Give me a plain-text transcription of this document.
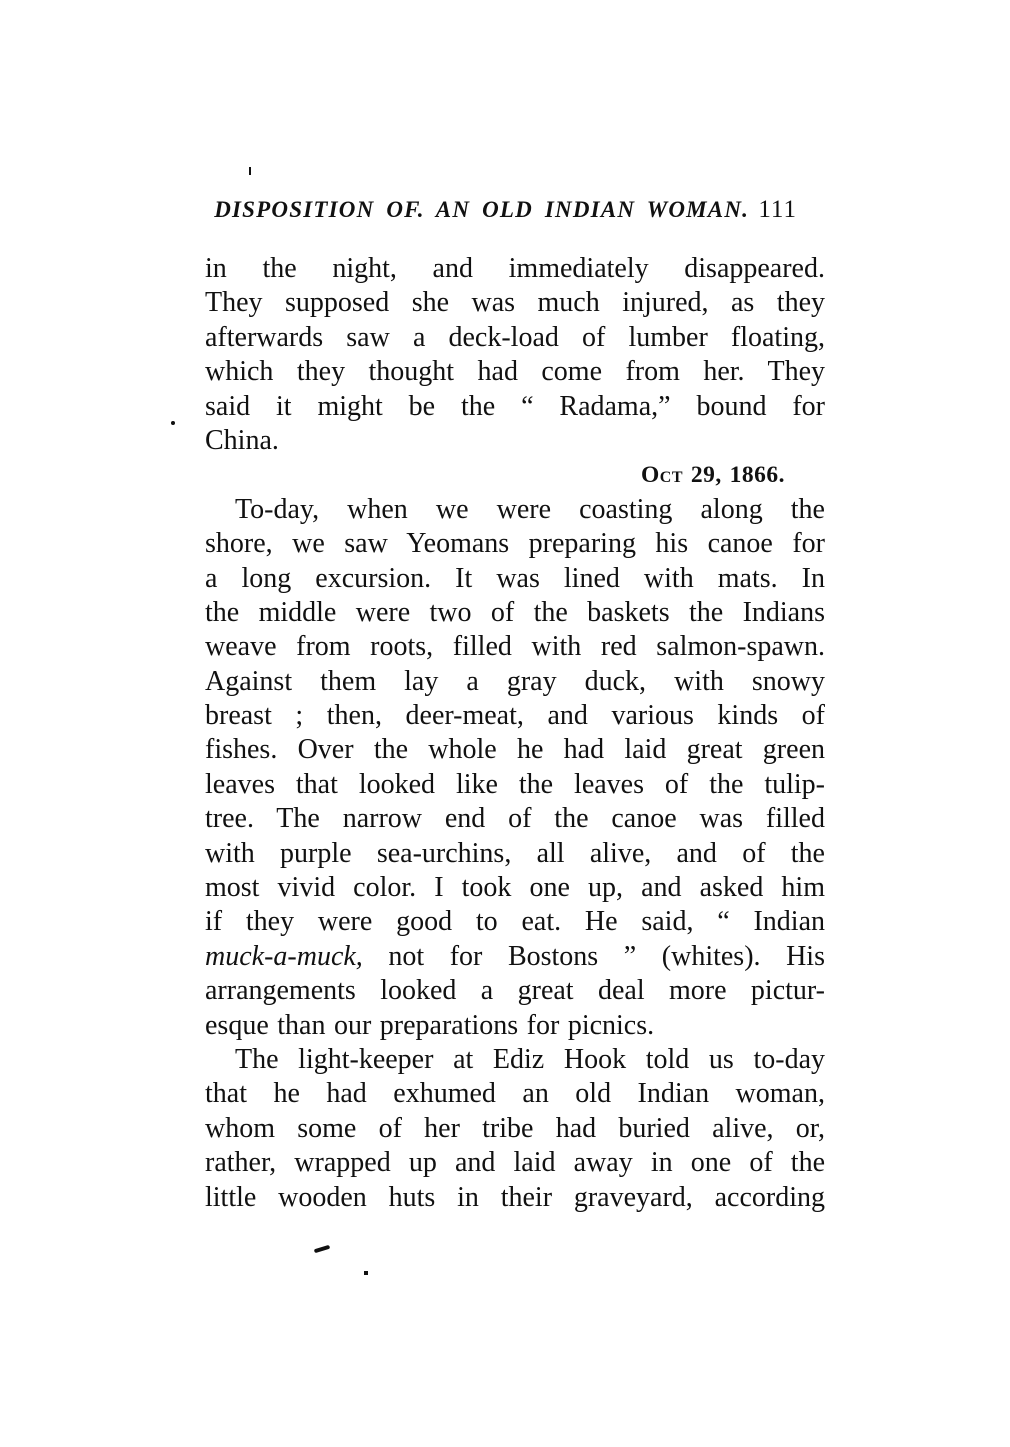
DISPOSITION OF. AN OLD INDIAN WOMAN. 111
in the night, and immediately disappeared.
They supposed she was much injured, as they
afterwards saw a deck-load of lumber floating,
which they thought had come from her. They
said it might be the “ Radama,” bound for
China.
Oct 29, 1866.
To-day, when we were coasting along the
shore, we saw Yeomans preparing his canoe for
a long excursion. It was lined with mats. In
the middle were two of the baskets the Indians
weave from roots, filled with red salmon-spawn.
Against them lay a gray duck, with snowy
breast ; then, deer-meat, and various kinds of
fishes. Over the whole he had laid great green
leaves that looked like the leaves of the tulip-
tree. The narrow end of the canoe was filled
with purple sea-urchins, all alive, and of the
most vivid color. I took one up, and asked him
if they were good to eat. He said, “ Indian
muck-a-muck, not for Bostons ” (whites). His
arrangements looked a great deal more pictur-
esque than our preparations for picnics.
The light-keeper at Ediz Hook told us to-day
that he had exhumed an old Indian woman,
whom some of her tribe had buried alive, or,
rather, wrapped up and laid away in one of the
little wooden huts in their graveyard, according
